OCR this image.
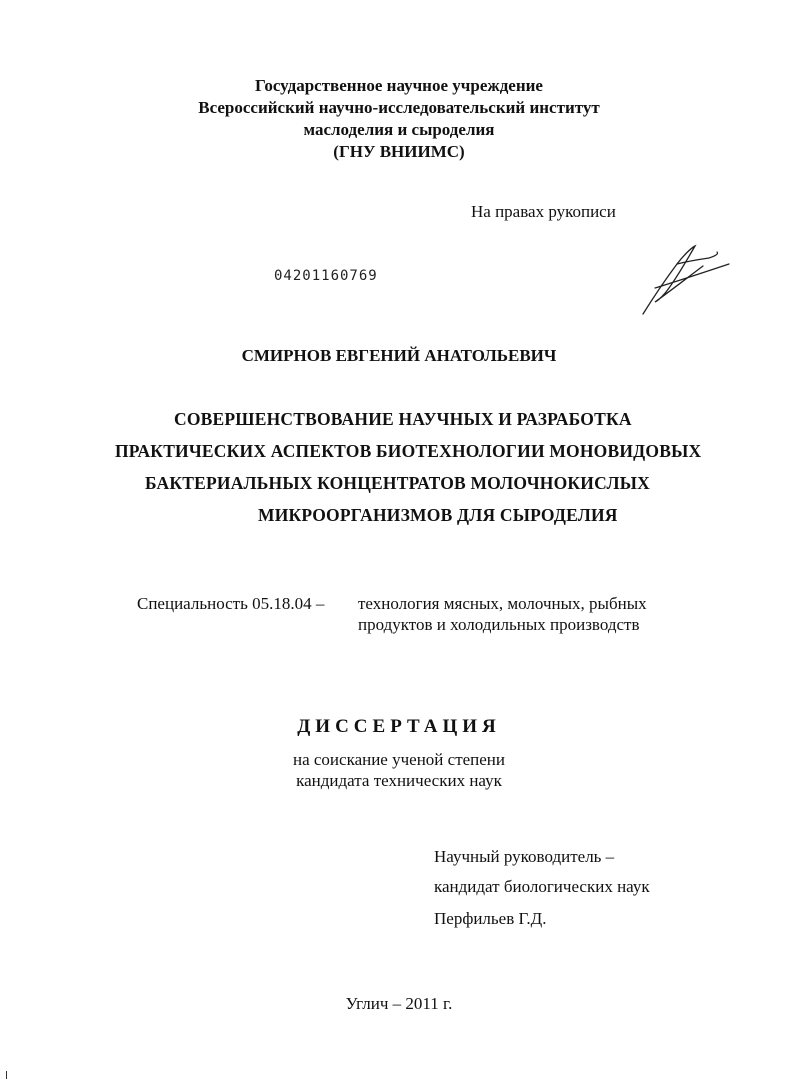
Государственное научное учреждение
Всероссийский научно-исследовательский институт
маслоделия и сыроделия
(ГНУ ВНИИМС)
На правах рукописи
04201160769
СМИРНОВ ЕВГЕНИЙ АНАТОЛЬЕВИЧ
СОВЕРШЕНСТВОВАНИЕ НАУЧНЫХ И РАЗРАБОТКА
ПРАКТИЧЕСКИХ АСПЕКТОВ БИОТЕХНОЛОГИИ МОНОВИДОВЫХ
БАКТЕРИАЛЬНЫХ КОНЦЕНТРАТОВ МОЛОЧНОКИСЛЫХ
МИКРООРГАНИЗМОВ ДЛЯ СЫРОДЕЛИЯ
Специальность 05.18.04 – технология мясных, молочных, рыбных
продуктов и холодильных производств
ДИССЕРТАЦИЯ
на соискание ученой степени
кандидата технических наук
Научный руководитель –
кандидат биологических наук
Перфильев Г.Д.
Углич – 2011 г.
